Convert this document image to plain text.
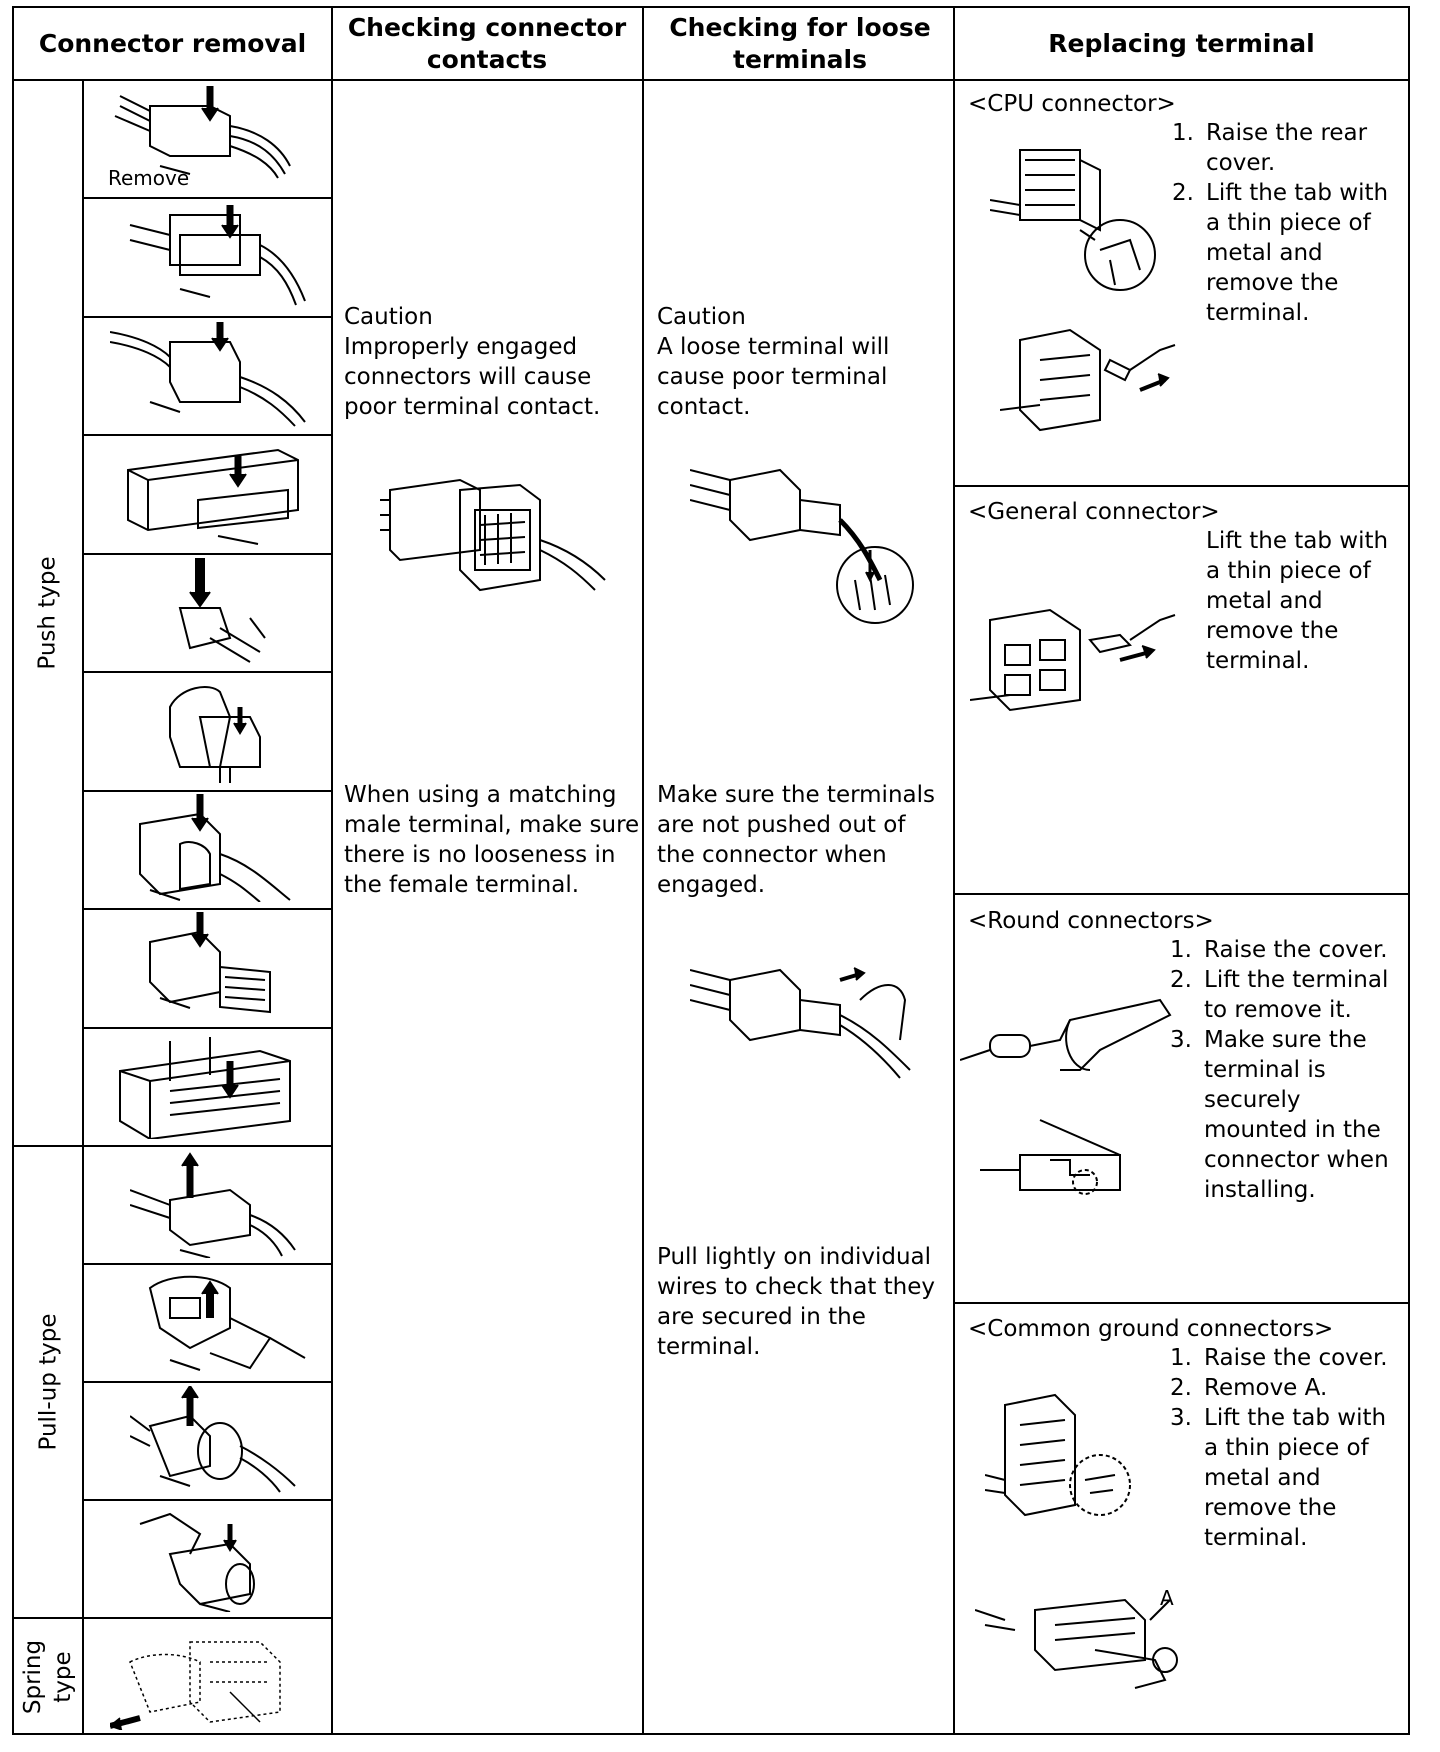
Connector removal
Checking connector contacts
Checking for loose terminals
Replacing terminal
Push type
Pull-up type
Spring type
Remove
Caution
Improperly engaged connectors will cause poor terminal contact.
When using a matching male terminal, make sure there is no looseness in the female terminal.
Caution
A loose terminal will cause poor terminal contact.
Make sure the terminals are not pushed out of the connector when engaged.
Pull lightly on individual wires to check that they are secured in the terminal.
<CPU connector>
1. Raise the rear cover.
2. Lift the tab with a thin piece of metal and remove the terminal.
<General connector>
Lift the tab with a thin piece of metal and remove the terminal.
<Round connectors>
1. Raise the cover.
2. Lift the terminal to remove it.
3. Make sure the terminal is securely mounted in the connector when installing.
<Common ground connectors>
1. Raise the cover.
2. Remove A.
3. Lift the tab with a thin piece of metal and remove the terminal.
A
